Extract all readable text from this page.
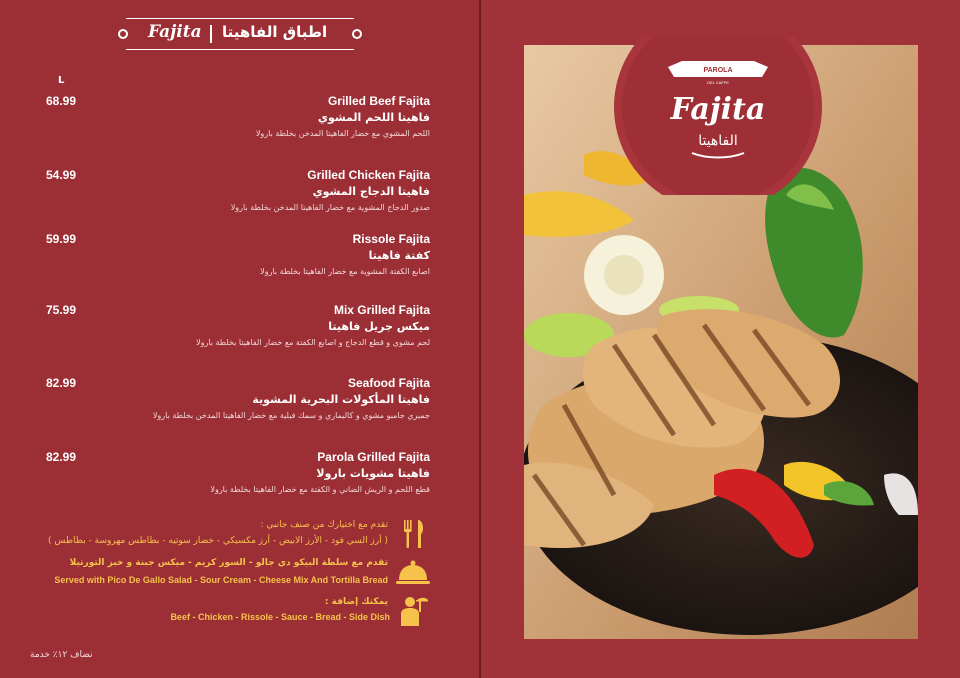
Fajita اطباق الفاهيتا
L
68.99	Grilled Beef Fajita
فاهيتا اللحم المشوي
اللحم المشوي مع خضار الفاهيتا المدخن بخلطة بارولا
54.99	Grilled Chicken Fajita
فاهيتا الدجاج المشوي
صدور الدجاج المشوية مع خضار الفاهيتا المدخن بخلطة بارولا
59.99	Rissole Fajita
كفتة فاهيتا
اصابع الكفتة المشوية مع خضار الفاهيتا بخلطة بارولا
75.99	Mix Grilled Fajita
ميكس جريل فاهيتا
لحم مشوي و قطع الدجاج و اصابع الكفتة مع خضار الفاهيتا بخلطة بارولا
82.99	Seafood Fajita
فاهيتا المأكولات البحرية المشوية
جمبري جامبو مشوي و كاليماري و سمك فيلية مع خضار الفاهيتا المدخن بخلطة بارولا
82.99	Parola Grilled Fajita
فاهيتا مشويات بارولا
قطع اللحم و الريش الضاني و الكفتة مع خضار الفاهيتا بخلطة بارولا
تقدم مع اختيارك من صنف جانبي :
( أرز السي فود - الأرز الابيض - أرز مكسيكي - خضار سوتيه - بطاطس مهروسة - بطاطس )
تقدم مع سلطة البيكو دي جالو - السور كريم - ميكس جبنة و خبز التورتيلا
Served with Pico De Gallo Salad - Sour Cream - Cheese Mix And Tortilla Bread
يمكنك إضافة :
Beef - Chicken - Rissole - Sauce - Bread - Side Dish
نضاف ١٢٪ خدمة
PAROLA
DEL CAFFE
Fajita
الفاهيتا
